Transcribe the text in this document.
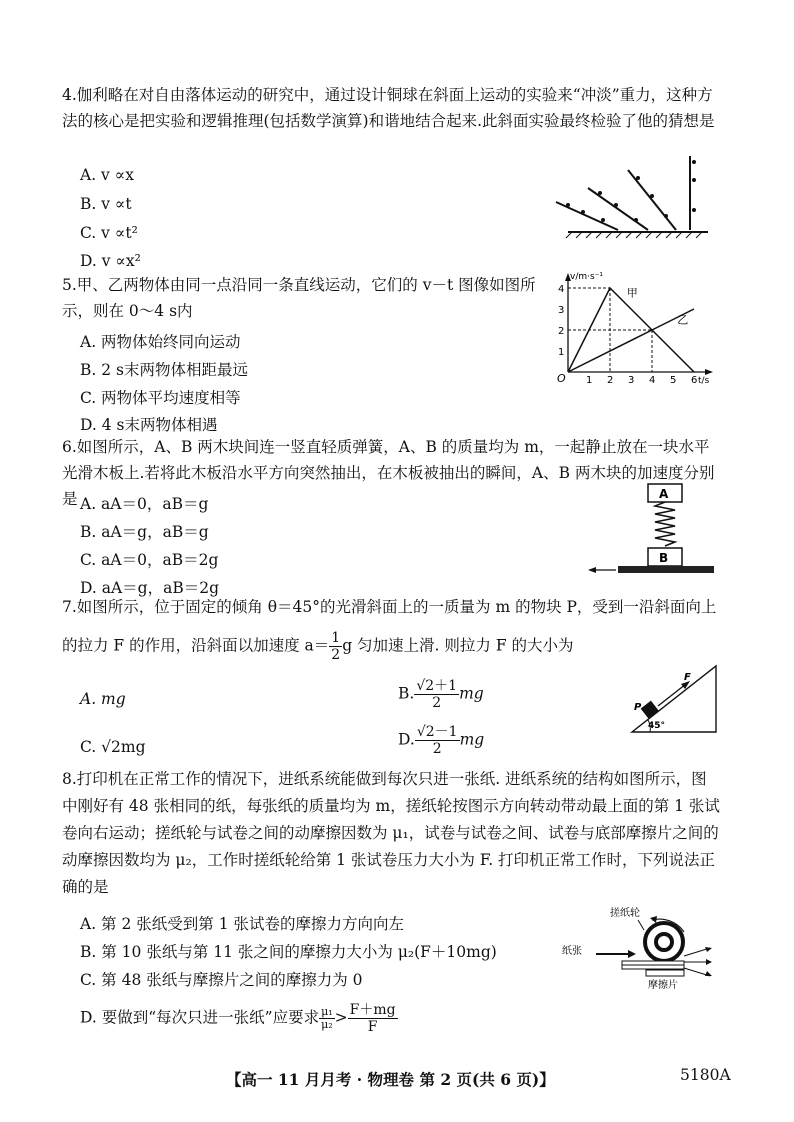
4.伽利略在对自由落体运动的研究中，通过设计铜球在斜面上运动的实验来“冲淡”重力，这种方法的核心是把实验和逻辑推理(包括数学演算)和谐地结合起来.此斜面实验最终检验了他的猜想是
A. v ∝x
B. v ∝t
C. v ∝t²
D. v ∝x²
5.甲、乙两物体由同一点沿同一条直线运动，它们的 v－t 图像如图所示，则在 0～4 s内
A. 两物体始终同向运动
B. 2 s末两物体相距最远
C. 两物体平均速度相等
D. 4 s末两物体相遇
v/m·s⁻¹
t/s
O
1
2
3
4
1 2 3 4 5 6
甲
乙
6.如图所示，A、B 两木块间连一竖直轻质弹簧，A、B 的质量均为 m，一起静止放在一块水平光滑木板上.若将此木板沿水平方向突然抽出，在木板被抽出的瞬间，A、B 两木块的加速度分别是 A. aA＝0，aB＝g
B. aA＝g，aB＝g
C. aA＝0，aB＝2g
D. aA＝g，aB＝2g
A
B
7.如图所示，位于固定的倾角 θ＝45°的光滑斜面上的一质量为 m 的物块 P，受到一沿斜面向上
的拉力 F 的作用，沿斜面以加速度 $a= \frac{1}{2}$ g 匀加速上滑. 则拉力 F 的大小为
A. mg	B. $\frac{√2+1}{2}$ mg
C. √2mg	D. $\frac{√2-1}{2}$ mg
F
P
45°
8.打印机在正常工作的情况下，进纸系统能做到每次只进一张纸. 进纸系统的结构如图所示，图中刚好有 48 张相同的纸，每张纸的质量均为 m，搓纸轮按图示方向转动带动最上面的第 1 张试卷向右运动；搓纸轮与试卷之间的动摩擦因数为 μ₁，试卷与试卷之间、试卷与底部摩擦片之间的动摩擦因数均为 μ₂，工作时搓纸轮给第 1 张试卷压力大小为 F. 打印机正常工作时，下列说法正确的是
A. 第 2 张纸受到第 1 张试卷的摩擦力方向向左
B. 第 10 张纸与第 11 张之间的摩擦力大小为 μ₂(F＋10mg)
C. 第 48 张纸与摩擦片之间的摩擦力为 0
D. 要做到“每次只进一张纸”应要求 $\frac{\text{μ₁}}{\text{μ₂}} > \frac{F+mg}{F}$
搓纸轮
纸张
摩擦片
【高一 11 月月考 · 物理卷 第 2 页(共 6 页)】	5180A
